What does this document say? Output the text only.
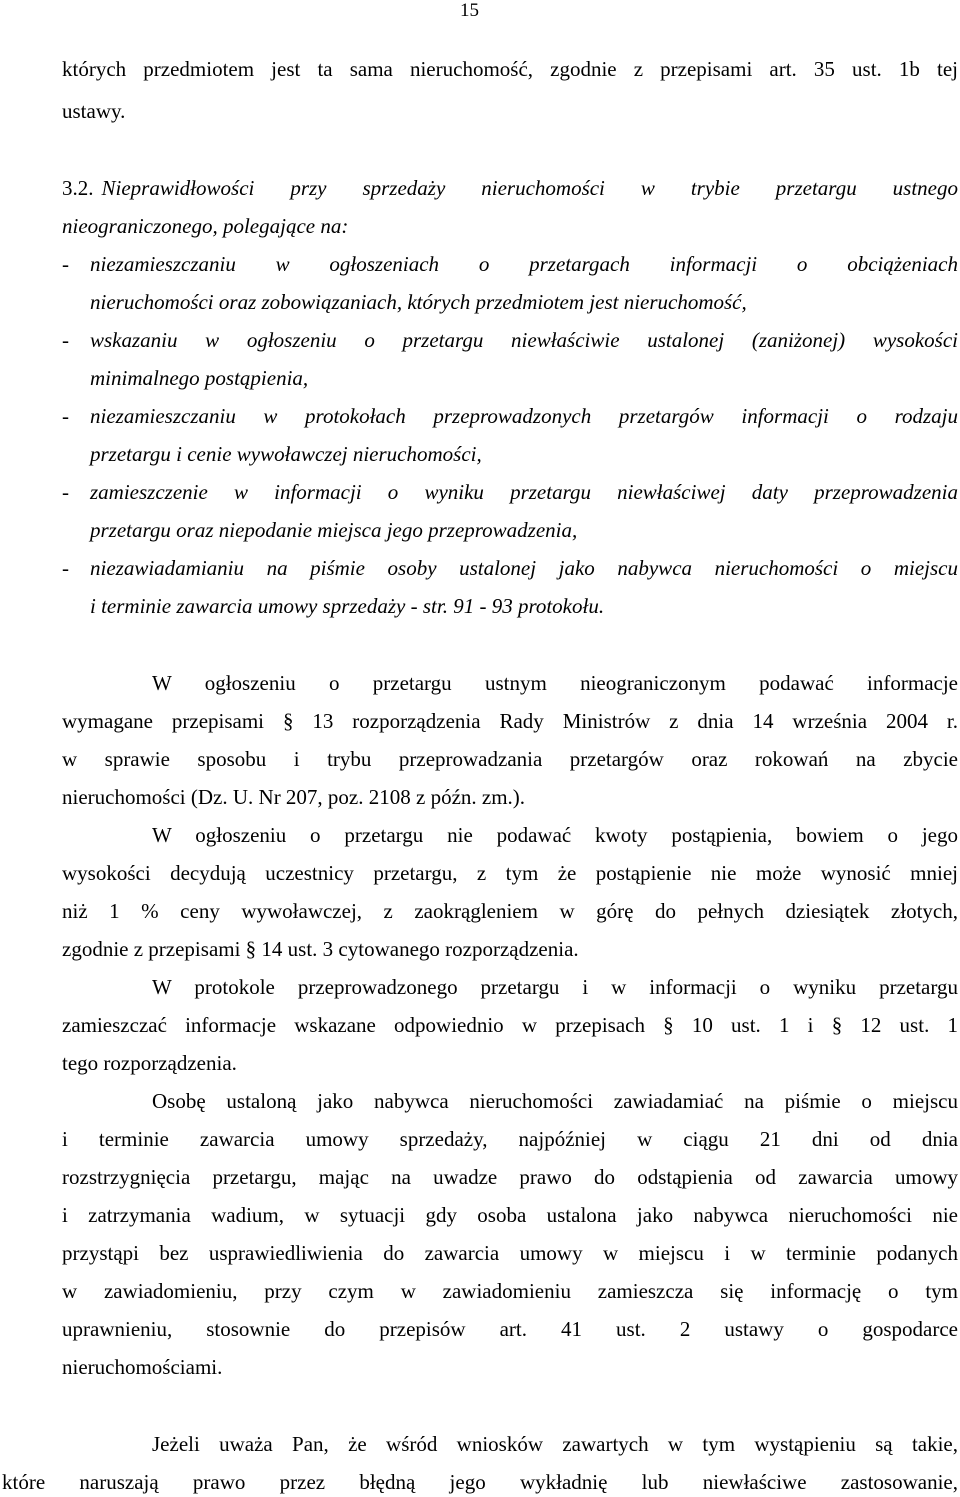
15
których przedmiotem jest ta sama nieruchomość, zgodnie z przepisami art. 35 ust. 1b tej
ustawy.
3.2. Nieprawidłowości przy sprzedaży nieruchomości w trybie przetargu ustnego
nieograniczonego, polegające na:
- niezamieszczaniu w ogłoszeniach o przetargach informacji o obciążeniach
nieruchomości oraz zobowiązaniach, których przedmiotem jest nieruchomość,
- wskazaniu w ogłoszeniu o przetargu niewłaściwie ustalonej (zaniżonej) wysokości
minimalnego postąpienia,
- niezamieszczaniu w protokołach przeprowadzonych przetargów informacji o rodzaju
przetargu i cenie wywoławczej nieruchomości,
- zamieszczenie w informacji o wyniku przetargu niewłaściwej daty przeprowadzenia
przetargu oraz niepodanie miejsca jego przeprowadzenia,
- niezawiadamianiu na piśmie osoby ustalonej jako nabywca nieruchomości o miejscu
i terminie zawarcia umowy sprzedaży - str. 91 - 93 protokołu.
W ogłoszeniu o przetargu ustnym nieograniczonym podawać informacje
wymagane przepisami § 13 rozporządzenia Rady Ministrów z dnia 14 września 2004 r.
w sprawie sposobu i trybu przeprowadzania przetargów oraz rokowań na zbycie
nieruchomości (Dz. U. Nr 207, poz. 2108 z późn. zm.).
W ogłoszeniu o przetargu nie podawać kwoty postąpienia, bowiem o jego
wysokości decydują uczestnicy przetargu, z tym że postąpienie nie może wynosić mniej
niż 1 % ceny wywoławczej, z zaokrągleniem w górę do pełnych dziesiątek złotych,
zgodnie z przepisami § 14 ust. 3 cytowanego rozporządzenia.
W protokole przeprowadzonego przetargu i w informacji o wyniku przetargu
zamieszczać informacje wskazane odpowiednio w przepisach § 10 ust. 1 i § 12 ust. 1
tego rozporządzenia.
Osobę ustaloną jako nabywca nieruchomości zawiadamiać na piśmie o miejscu
i terminie zawarcia umowy sprzedaży, najpóźniej w ciągu 21 dni od dnia
rozstrzygnięcia przetargu, mając na uwadze prawo do odstąpienia od zawarcia umowy
i zatrzymania wadium, w sytuacji gdy osoba ustalona jako nabywca nieruchomości nie
przystąpi bez usprawiedliwienia do zawarcia umowy w miejscu i w terminie podanych
w zawiadomieniu, przy czym w zawiadomieniu zamieszcza się informację o tym
uprawnieniu, stosownie do przepisów art. 41 ust. 2 ustawy o gospodarce
nieruchomościami.
Jeżeli uważa Pan, że wśród wniosków zawartych w tym wystąpieniu są takie,
które naruszają prawo przez błędną jego wykładnię lub niewłaściwe zastosowanie,
